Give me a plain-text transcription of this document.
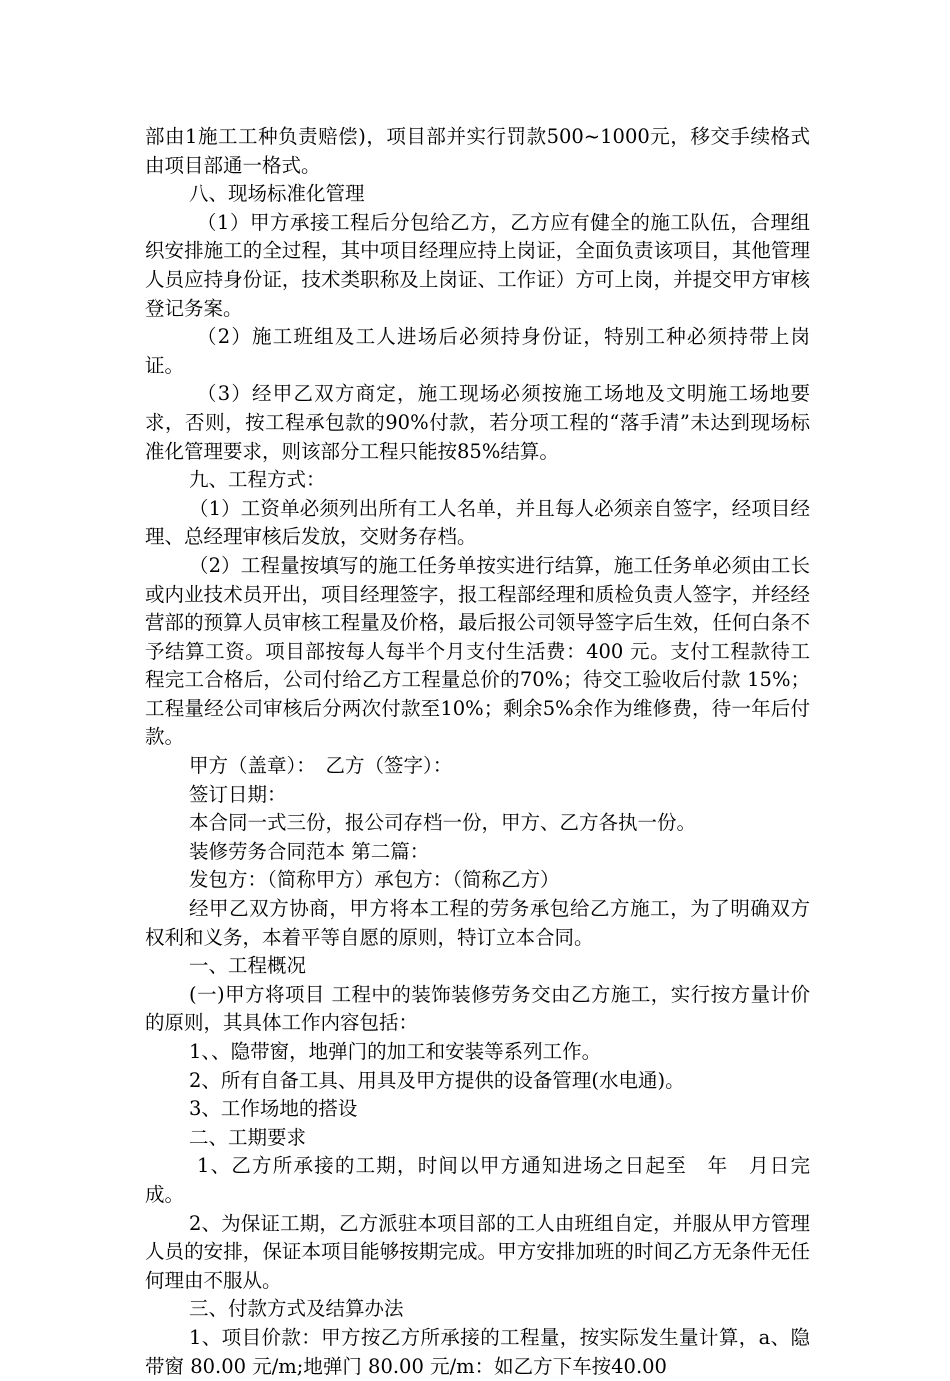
部由1施工工种负责赔偿)，项目部并实行罚款500~1000元，移交手续格式由项目部通一格式。

八、现场标准化管理

（1）甲方承接工程后分包给乙方，乙方应有健全的施工队伍，合理组织安排施工的全过程，其中项目经理应持上岗证，全面负责该项目，其他管理人员应持身份证，技术类职称及上岗证、工作证）方可上岗，并提交甲方审核登记务案。

（2）施工班组及工人进场后必须持身份证，特别工种必须持带上岗证。

（3）经甲乙双方商定，施工现场必须按施工场地及文明施工场地要求，否则，按工程承包款的90%付款，若分项工程的“落手清”未达到现场标准化管理要求，则该部分工程只能按85%结算。

九、工程方式：

（1）工资单必须列出所有工人名单，并且每人必须亲自签字，经项目经理、总经理审核后发放，交财务存档。

（2）工程量按填写的施工任务单按实进行结算，施工任务单必须由工长或内业技术员开出，项目经理签字，报工程部经理和质检负责人签字，并经经营部的预算人员审核工程量及价格，最后报公司领导签字后生效，任何白条不予结算工资。项目部按每人每半个月支付生活费：400 元。支付工程款待工程完工合格后，公司付给乙方工程量总价的70%；待交工验收后付款 15%；工程量经公司审核后分两次付款至10%；剩余5%余作为维修费，待一年后付款。

甲方（盖章）：　乙方（签字）：

签订日期：

本合同一式三份，报公司存档一份，甲方、乙方各执一份。

装修劳务合同范本 第二篇：

发包方：（简称甲方）承包方：（简称乙方）

经甲乙双方协商，甲方将本工程的劳务承包给乙方施工，为了明确双方权利和义务，本着平等自愿的原则，特订立本合同。

一、工程概况

(一)甲方将项目 工程中的装饰装修劳务交由乙方施工，实行按方量计价的原则，其具体工作内容包括：

1、、隐带窗，地弹门的加工和安装等系列工作。

2、所有自备工具、用具及甲方提供的设备管理(水电通)。

3、工作场地的搭设

二、工期要求

1、乙方所承接的工期，时间以甲方通知进场之日起至　年　月日完成。

2、为保证工期，乙方派驻本项目部的工人由班组自定，并服从甲方管理人员的安排，保证本项目能够按期完成。甲方安排加班的时间乙方无条件无任何理由不服从。

三、付款方式及结算办法

1、项目价款：甲方按乙方所承接的工程量，按实际发生量计算，a、隐带窗 80.00 元/m;地弹门 80.00 元/m：如乙方下车按40.00
